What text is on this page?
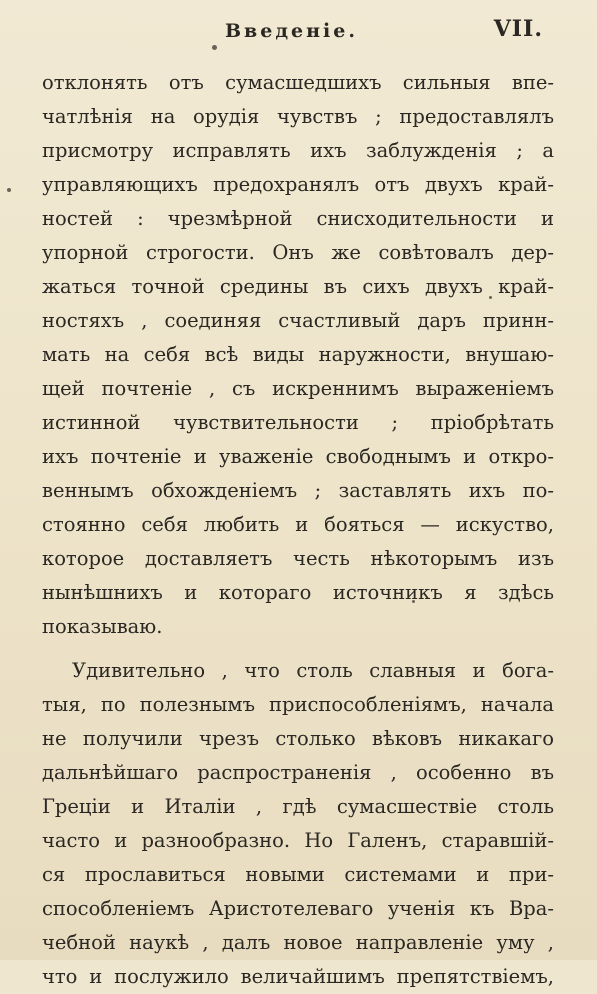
Введеніе.	VII.
отклонять отъ сумасшедшихъ сильныя впе-
чатлѣнія на орудія чувствъ ; предоставлялъ
присмотру исправлять ихъ заблужденія ; а
управляющихъ предохранялъ отъ двухъ край-
ностей : чрезмѣрной снисходительности и
упорной строгости. Онъ же совѣтовалъ дер-
жаться точной средины въ сихъ двухъ край-
ностяхъ , соединяя счастливый даръ принн-
мать на себя всѣ виды наружности, внушаю-
щей почтеніе , съ искреннимъ выраженіемъ
истинной чувствительности ; пріобрѣтать
ихъ почтеніе и уваженіе свободнымъ и откро-
веннымъ обхожденіемъ ; заставлять ихъ по-
стоянно себя любить и бояться — искуство,
которое доставляетъ честь нѣкоторымъ изъ
нынѣшнихъ и котораго источникъ я здѣсь
показываю.
Удивительно , что столь славныя и бога-
тыя, по полезнымъ приспособленіямъ, начала
не получили чрезъ столько вѣковъ никакаго
дальнѣйшаго распространенія , особенно въ
Греціи и Италіи , гдѣ сумасшествіе столь
часто и разнообразно. Но Галенъ, старавшій-
ся прославиться новыми системами и при-
способленіемъ Аристотелеваго ученія къ Вра-
чебной наукѣ , далъ новое направленіе уму ,
что и послужило величайшимъ препятствіемъ,
